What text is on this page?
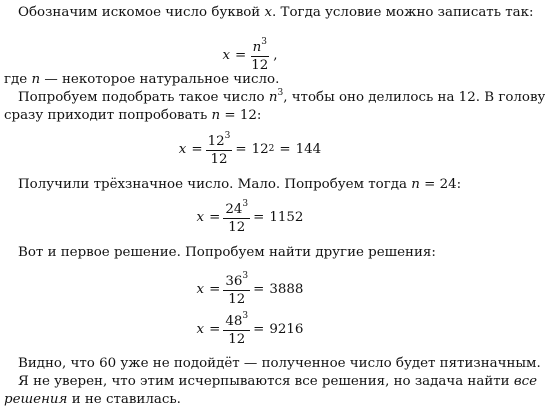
Обозначим искомое число буквой x. Тогда условие можно записать так:

$x = \frac{n^3}{12}$ ,

где n — некоторое натуральное число.

Попробуем подобрать такое число $n^3$, чтобы оно делилось на 12. В голову

сразу приходит попробовать n = 12:

$x = \frac{12^3}{12} = 12^2 = 144$

Получили трёхзначное число. Мало. Попробуем тогда n = 24:

$x = \frac{24^3}{12} = 1152$

Вот и первое решение. Попробуем найти другие решения:

$x = \frac{36^3}{12} = 3888$
$x = \frac{48^3}{12} = 9216$

Видно, что 60 уже не подойдёт — полученное число будет пятизначным.

Я не уверен, что этим исчерпываются все решения, но задача найти все

решения и не ставилась.
